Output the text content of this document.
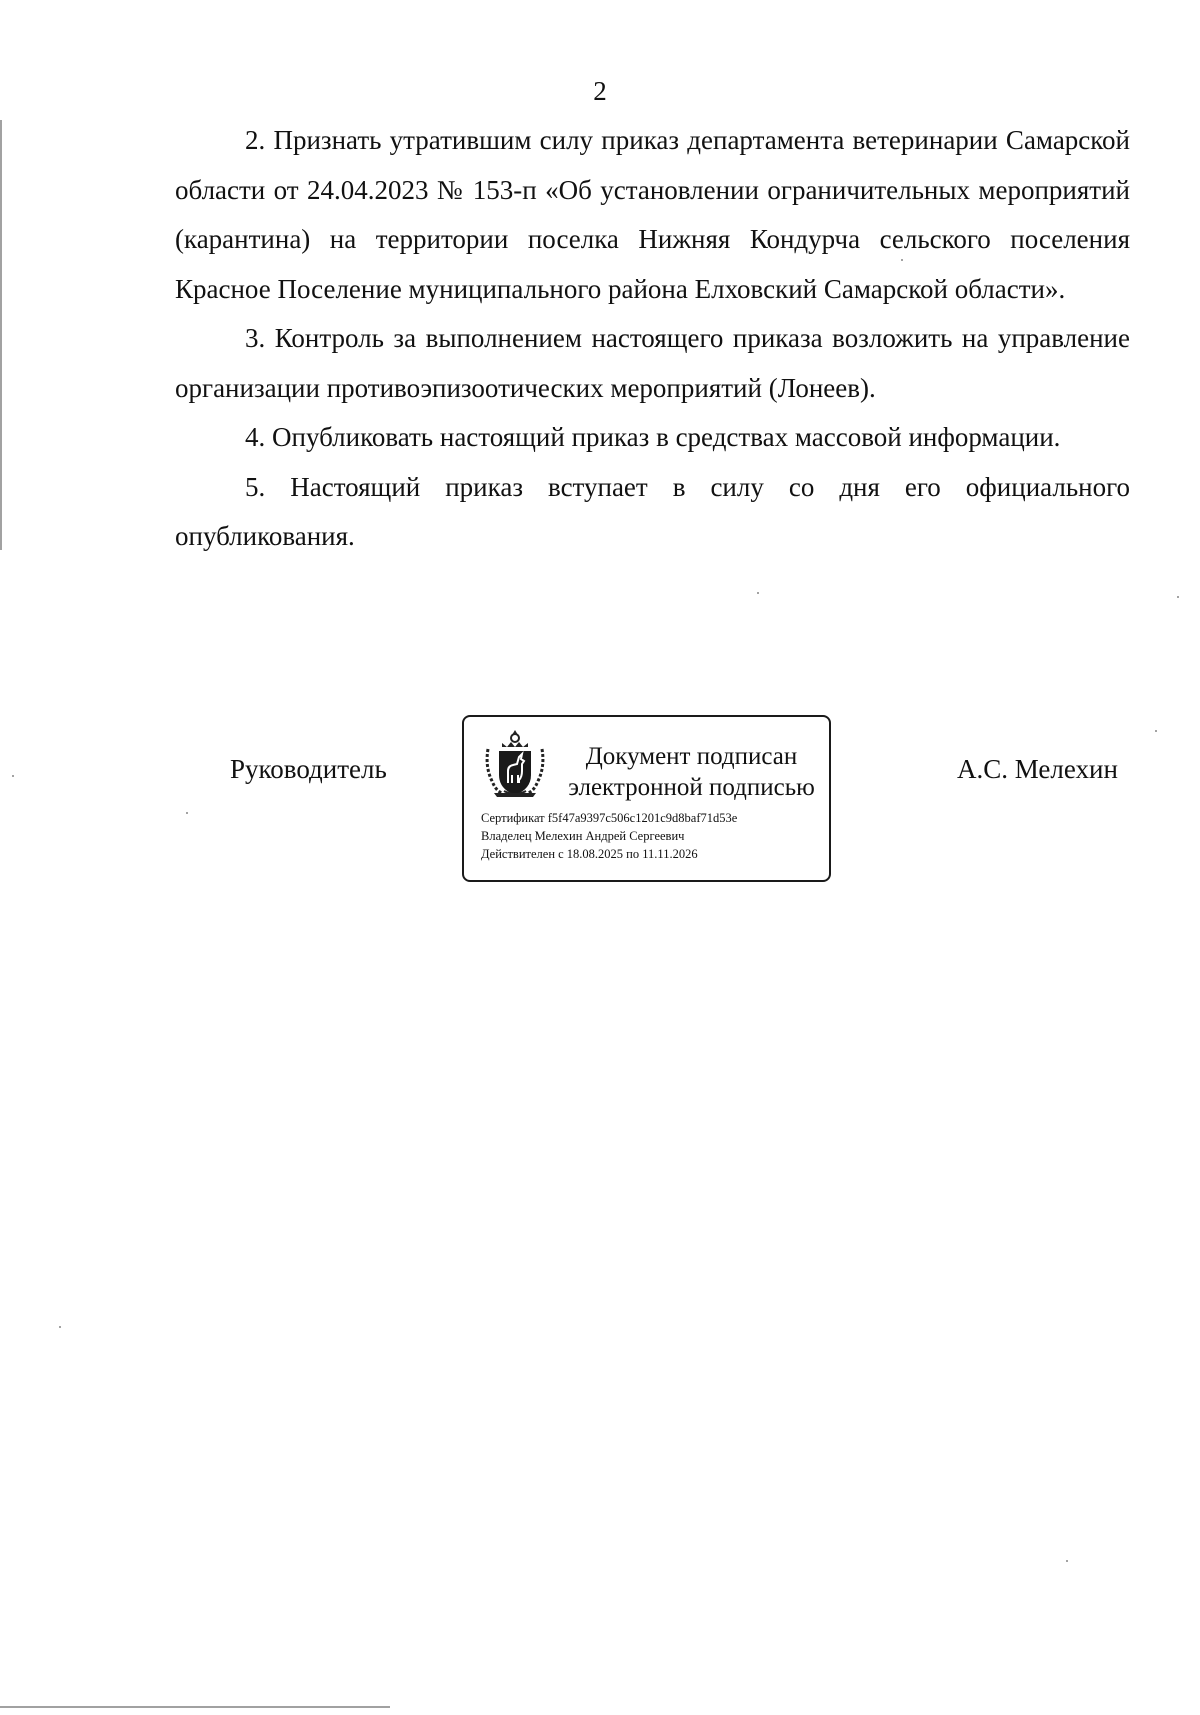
2

2. Признать утратившим силу приказ департамента ветеринарии Самарской области от 24.04.2023 № 153-п «Об установлении ограничительных мероприятий (карантина) на территории поселка Нижняя Кондурча сельского поселения Красное Поселение муниципального района Елховский Самарской области».

3. Контроль за выполнением настоящего приказа возложить на управление организации противоэпизоотических мероприятий (Лонеев).

4. Опубликовать настоящий приказ в средствах массовой информации.

5. Настоящий приказ вступает в силу со дня его официального опубликования.

Руководитель	Документ подписан
электронной подписью
Сертификат f5f47a9397c506c1201c9d8baf71d53e
Владелец Мелехин Андрей Сергеевич
Действителен с 18.08.2025 по 11.11.2026
А.С. Мелехин
